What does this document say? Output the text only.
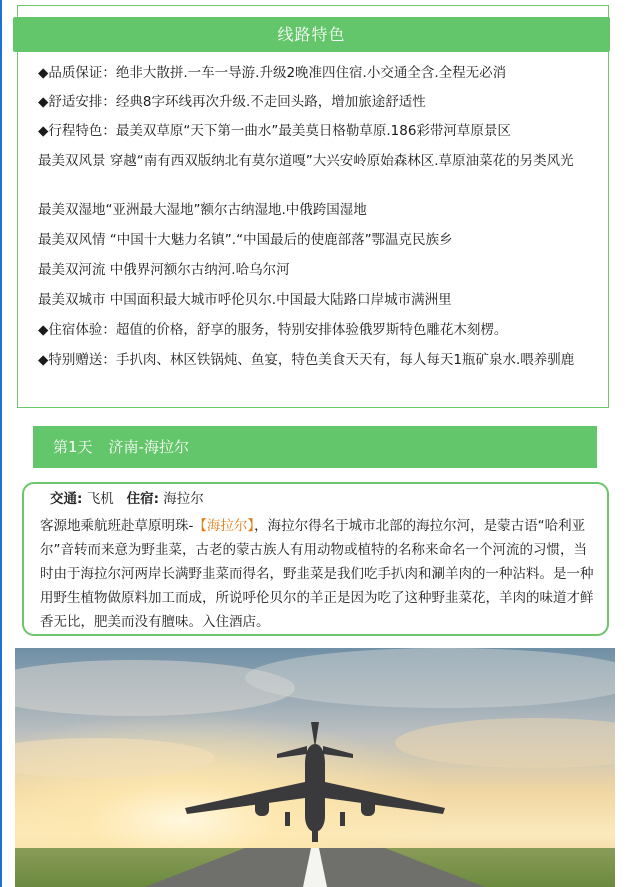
线路特色
◆品质保证：绝非大散拼.一车一导游.升级2晚准四住宿.小交通全含.全程无必消
◆舒适安排：经典8字环线再次升级.不走回头路，增加旅途舒适性
◆行程特色：最美双草原“天下第一曲水”最美莫日格勒草原.186彩带河草原景区
最美双风景 穿越“南有西双版纳北有莫尔道嘎”大兴安岭原始森林区.草原油菜花的另类风光
最美双湿地“亚洲最大湿地”额尔古纳湿地.中俄跨国湿地
最美双风情 “中国十大魅力名镇”.“中国最后的使鹿部落”鄂温克民族乡
最美双河流 中俄界河额尔古纳河.哈乌尔河
最美双城市 中国面积最大城市呼伦贝尔.中国最大陆路口岸城市满洲里
◆住宿体验：超值的价格，舒享的服务，特别安排体验俄罗斯特色雕花木刻楞。
◆特别赠送：手扒肉、林区铁锅炖、鱼宴，特色美食天天有，每人每天1瓶矿泉水.喂养驯鹿
第1天 济南-海拉尔
交通: 飞机 住宿: 海拉尔
客源地乘航班赴草原明珠-【海拉尔】，海拉尔得名于城市北部的海拉尔河，是蒙古语“哈利亚尔”音转而来意为野韭菜，古老的蒙古族人有用动物或植特的名称来命名一个河流的习惯，当时由于海拉尔河两岸长满野韭菜而得名，野韭菜是我们吃手扒肉和涮羊肉的一种沾料。是一种用野生植物做原料加工而成，所说呼伦贝尔的羊正是因为吃了这种野韭菜花，羊肉的味道才鲜香无比，肥美而没有膻味。入住酒店。
